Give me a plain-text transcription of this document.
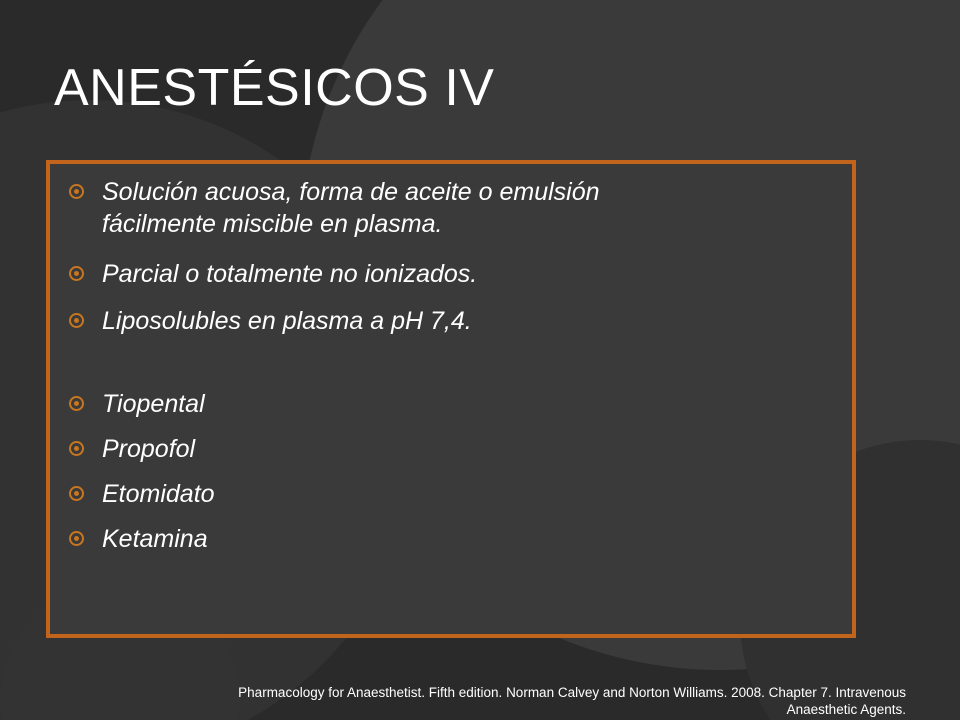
ANESTÉSICOS IV
Solución acuosa, forma de aceite o emulsión
fácilmente miscible en plasma.
Parcial o totalmente no ionizados.
Liposolubles en plasma a pH 7,4.
Tiopental
Propofol
Etomidato
Ketamina
Pharmacology for Anaesthetist. Fifth edition. Norman Calvey and Norton Williams. 2008. Chapter 7. Intravenous
Anaesthetic Agents.
